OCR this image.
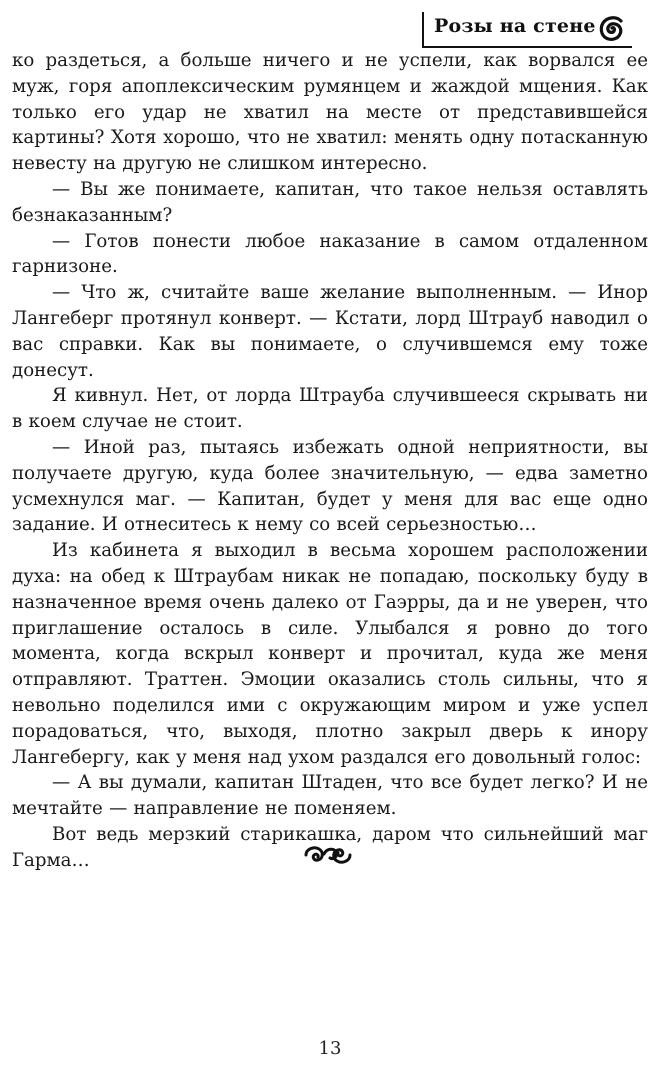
Розы на стене

ко раздеться, а больше ничего и не успели, как ворвался ее муж, горя апоплексическим румянцем и жаждой мщения. Как только его удар не хватил на месте от представившейся картины? Хотя хорошо, что не хватил: менять одну потасканную невесту на другую не слишком интересно.

— Вы же понимаете, капитан, что такое нельзя оставлять безнаказанным?

— Готов понести любое наказание в самом отдаленном гарнизоне.

— Что ж, считайте ваше желание выполненным. — Инор Лангеберг протянул конверт. — Кстати, лорд Штрауб наводил о вас справки. Как вы понимаете, о случившемся ему тоже донесут.

Я кивнул. Нет, от лорда Штрауба случившееся скрывать ни в коем случае не стоит.

— Иной раз, пытаясь избежать одной неприятности, вы получаете другую, куда более значительную, — едва заметно усмехнулся маг. — Капитан, будет у меня для вас еще одно задание. И отнеситесь к нему со всей серьезностью…

Из кабинета я выходил в весьма хорошем расположении духа: на обед к Штраубам никак не попадаю, поскольку буду в назначенное время очень далеко от Гаэрры, да и не уверен, что приглашение осталось в силе. Улыбался я ровно до того момента, когда вскрыл конверт и прочитал, куда же меня отправляют. Траттен. Эмоции оказались столь сильны, что я невольно поделился ими с окружающим миром и уже успел порадоваться, что, выходя, плотно закрыл дверь к инору Лангебергу, как у меня над ухом раздался его довольный голос:

— А вы думали, капитан Штаден, что все будет легко? И не мечтайте — направление не поменяем.

Вот ведь мерзкий старикашка, даром что сильнейший маг Гарма…

13
